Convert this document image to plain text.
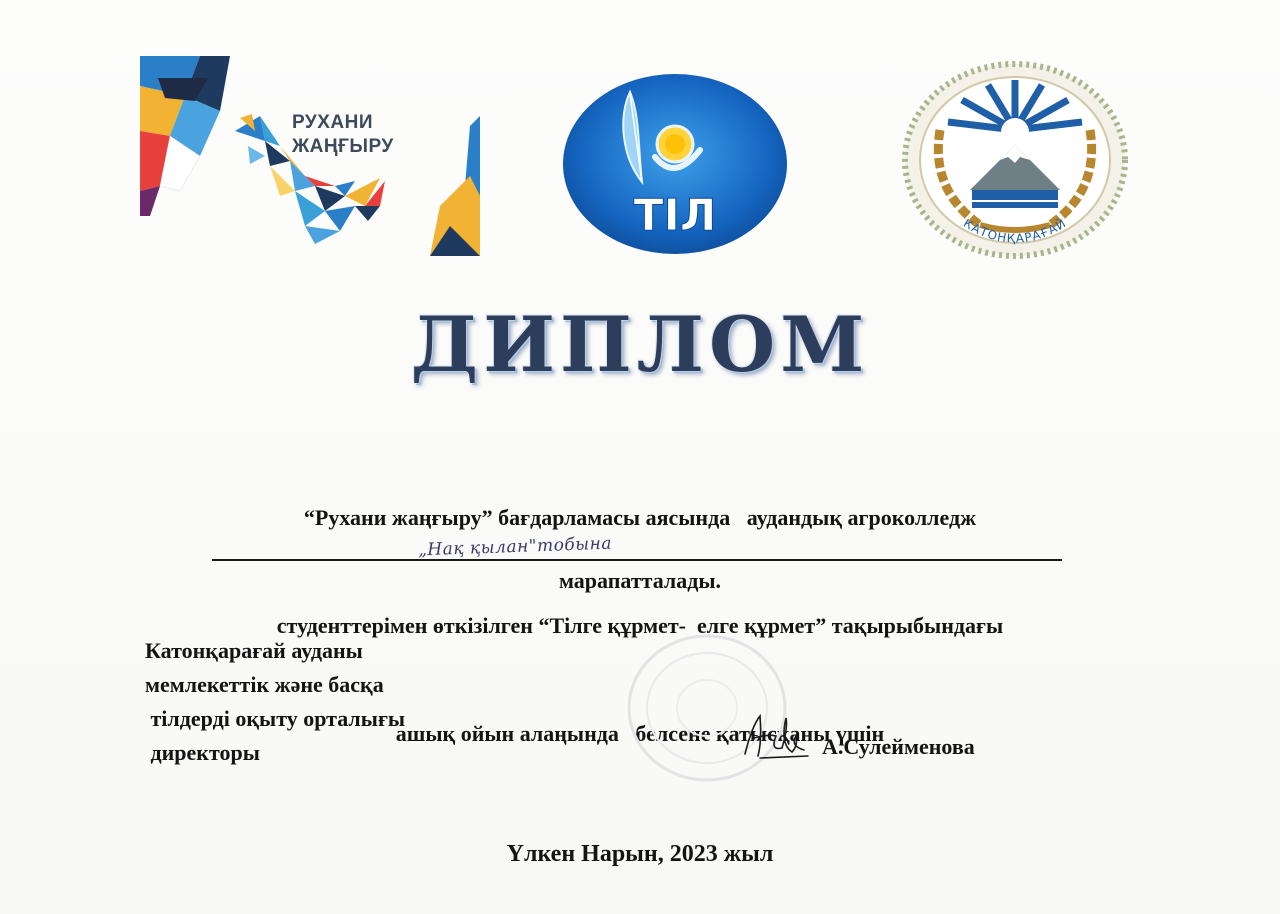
РУХАНИ
ЖАҢҒЫРУ
ТІЛ	КАТОНҚАРАҒАЙ
ДИПЛОМ

“Рухани жаңғыру” бағдарламасы аясында   аудандық агроколледж

студенттерімен өткізілген “Тілге құрмет-  елге құрмет” тақырыбындағы

ашық ойын алаңында   белсене қатысқаны үшін

„Нақ қылан"тобына
марапатталады.
Катонқарағай ауданы
мемлекеттік және басқа
тілдерді оқыту орталығы
директоры	А.Сулейменова
Үлкен Нарын, 2023 жыл
